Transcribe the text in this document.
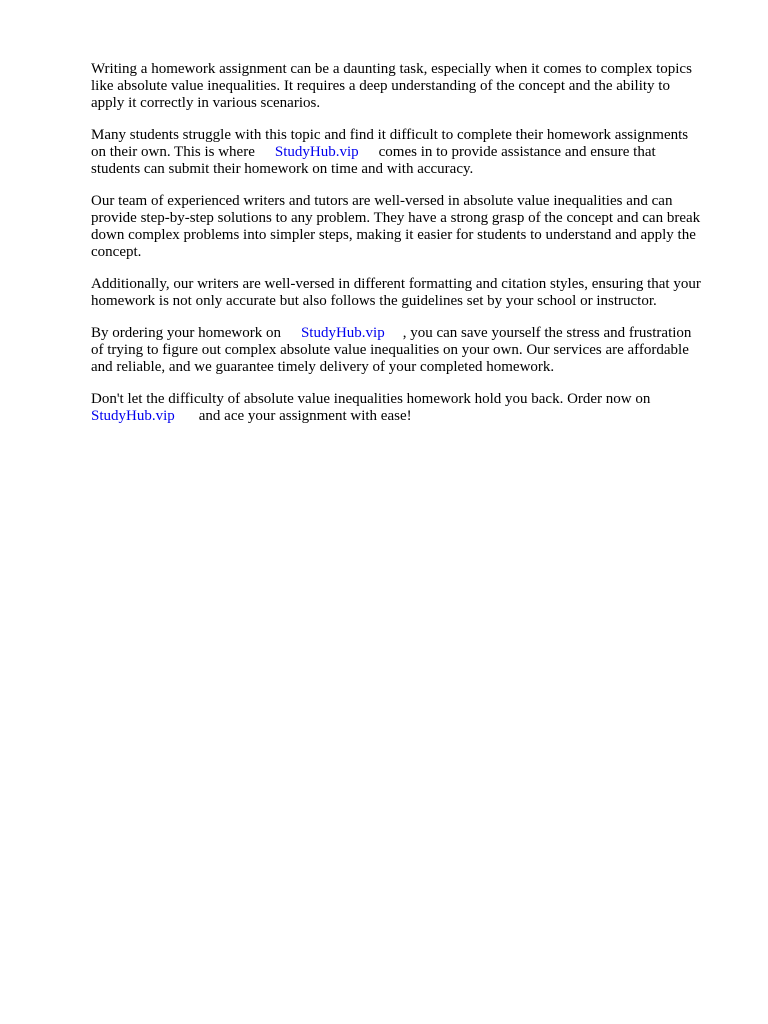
Writing a homework assignment can be a daunting task, especially when it comes to complex topics
like absolute value inequalities. It requires a deep understanding of the concept and the ability to
apply it correctly in various scenarios.

Many students struggle with this topic and find it difficult to complete their homework assignments
on their own. This is where StudyHub.vip comes in to provide assistance and ensure that
students can submit their homework on time and with accuracy.

Our team of experienced writers and tutors are well-versed in absolute value inequalities and can
provide step-by-step solutions to any problem. They have a strong grasp of the concept and can break
down complex problems into simpler steps, making it easier for students to understand and apply the
concept.

Additionally, our writers are well-versed in different formatting and citation styles, ensuring that your
homework is not only accurate but also follows the guidelines set by your school or instructor.

By ordering your homework on StudyHub.vip , you can save yourself the stress and frustration
of trying to figure out complex absolute value inequalities on your own. Our services are affordable
and reliable, and we guarantee timely delivery of your completed homework.

Don't let the difficulty of absolute value inequalities homework hold you back. Order now on
StudyHub.vip and ace your assignment with ease!
